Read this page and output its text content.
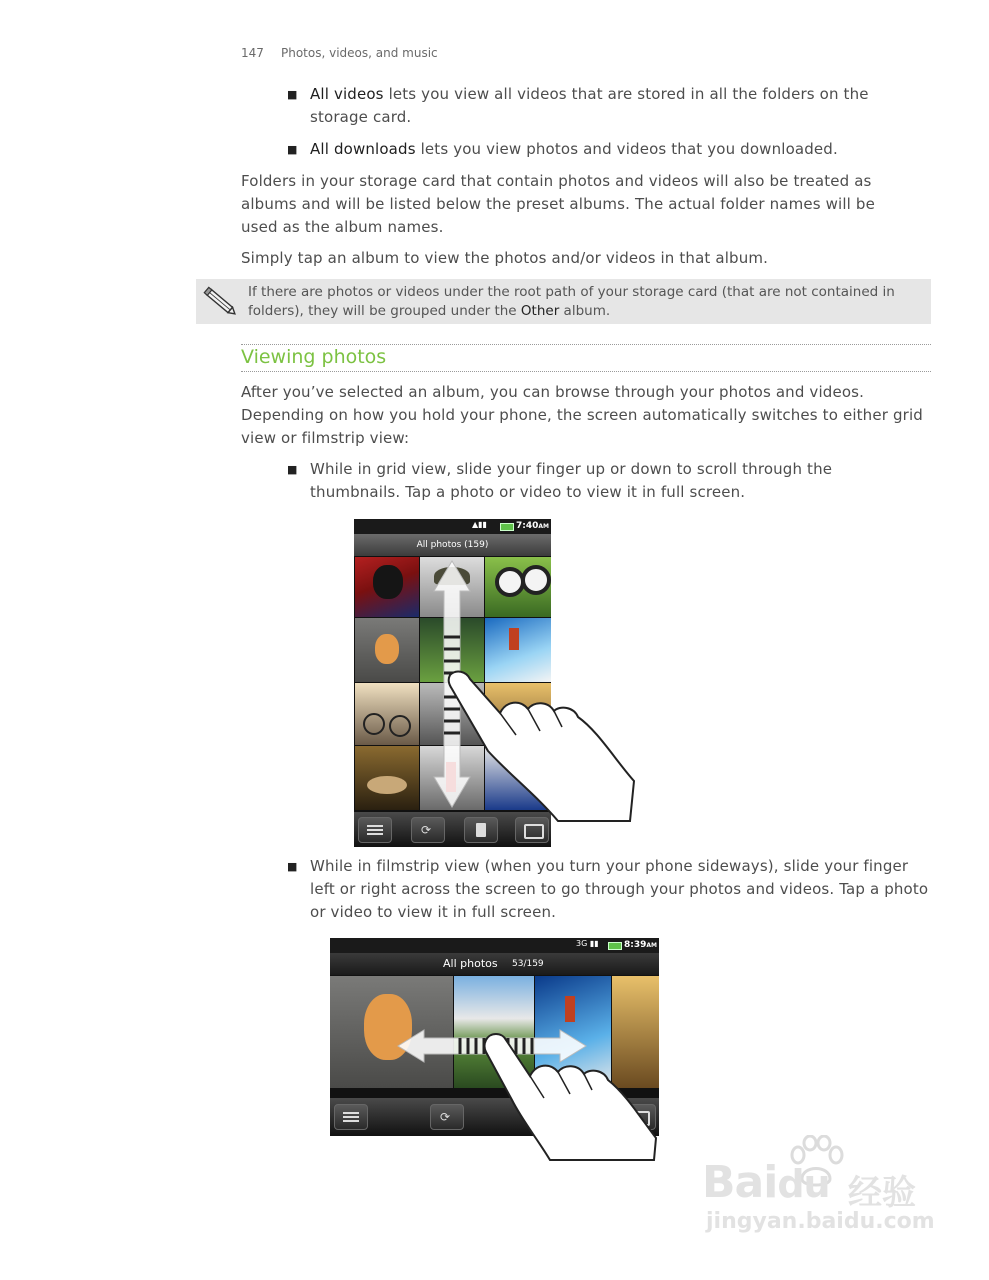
147 Photos, videos, and music
■ All videos lets you view all videos that are stored in all the folders on the storage card.
■ All downloads lets you view photos and videos that you downloaded.
Folders in your storage card that contain photos and videos will also be treated as albums and will be listed below the preset albums. The actual folder names will be used as the album names.
Simply tap an album to view the photos and/or videos in that album.
If there are photos or videos under the root path of your storage card (that are not contained in folders), they will be grouped under the Other album.
Viewing photos
After you’ve selected an album, you can browse through your photos and videos. Depending on how you hold your phone, the screen automatically switches to either grid view or filmstrip view:
■ While in grid view, slide your finger up or down to scroll through the thumbnails. Tap a photo or video to view it in full screen.
▲▮▮	7:40AM
All photos (159)
⟳
■ While in filmstrip view (when you turn your phone sideways), slide your finger left or right across the screen to go through your photos and videos. Tap a photo or video to view it in full screen.
3G ▮▮	8:39AM
All photos 53/159
⟳
Baidu 经验
jingyan.baidu.com
